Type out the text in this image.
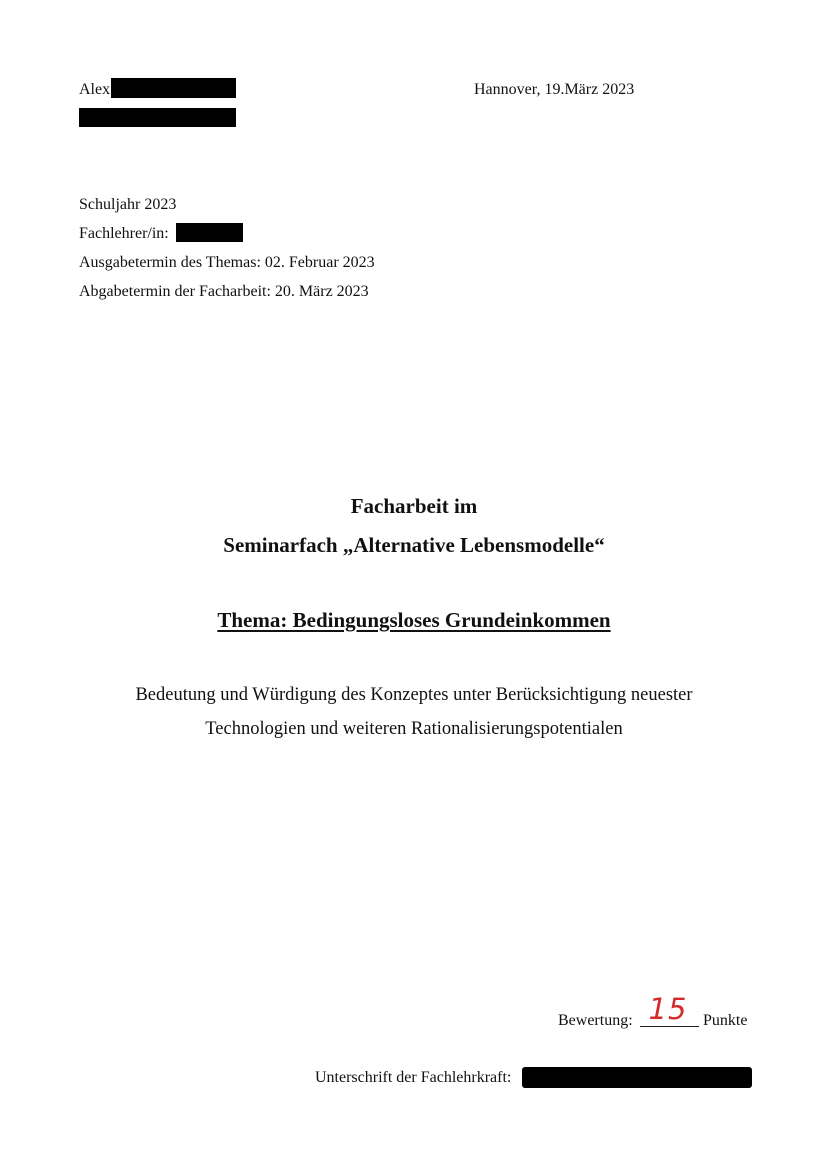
Alex	Hannover, 19.März 2023
Schuljahr 2023
Fachlehrer/in:
Ausgabetermin des Themas: 02. Februar 2023
Abgabetermin der Facharbeit: 20. März 2023
Facharbeit im
Seminarfach „Alternative Lebensmodelle“
Thema: Bedingungsloses Grundeinkommen
Bedeutung und Würdigung des Konzeptes unter Berücksichtigung neuester
Technologien und weiteren Rationalisierungspotentialen
Bewertung: 15 Punkte
Unterschrift der Fachlehrkraft:
